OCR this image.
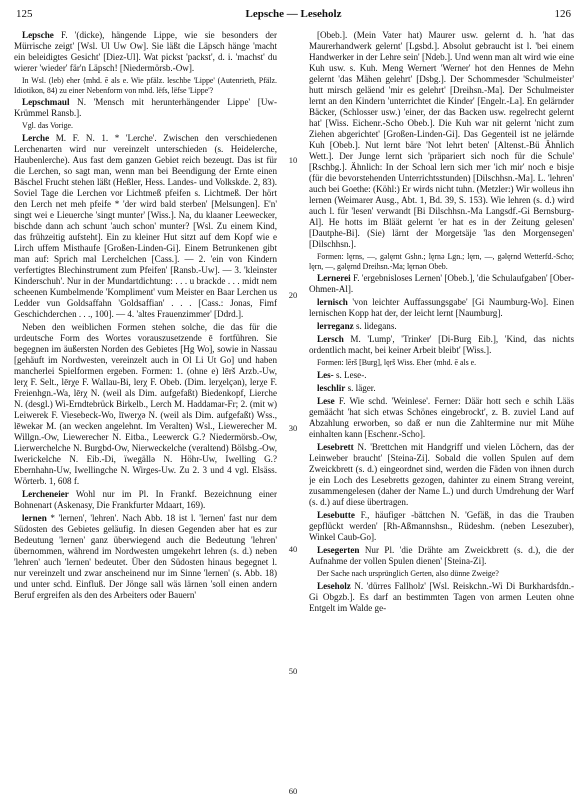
125	Lepsche — Leseholz	126

Lepsche F. '(dicke), hängende Lippe, wie sie besonders der Mürrische zeigt' [Wsl. Ul Uw Ow]. Sie läßt die Läpsch hänge 'macht ein beleidigtes Gesicht' [Diez-Ul]. Wat pickst 'packst', d. i. 'machst' du wierer 'wieder' fär'n Läpsch! [Niedermörsb.-Ow].

In Wsl. (leb) eher ⟨mhd. ē als e. Wie pfälz. leschbe 'Lippe' (Autenrieth, Pfälz. Idiotikon, 84) zu einer Nebenform von mhd. lëfs, lëfse 'Lippe'?

Lepschmaul N. 'Mensch mit herunterhängender Lippe' [Uw-Krümmel Ransb.].

Vgl. das Vorige.

Lerche M. F. N. 1. * 'Lerche'. Zwischen den verschiedenen Lerchenarten wird nur vereinzelt unterschieden (s. Heidelerche, Haubenlerche). Aus fast dem ganzen Gebiet reich bezeugt. Das ist für die Lerchen, so sagt man, wenn man bei Beendigung der Ernte einen Bäschel Frucht stehen läßt (Heßler, Hess. Landes- und Volkskde. 2, 83). Soviel Tage die Lerchen vor Lichtmeß pfeifen s. Lichtmeß. Der hört den Lerch net meh pfeife * 'der wird bald sterben' [Melsungen]. E'n' singt wei e Lieuerche 'singt munter' [Wiss.]. Na, du klaaner Leewecker, bischde dann ach schunt 'auch schon' munter? [Wsl. Zu einem Kind, das frühzeitig aufsteht]. Ein zu kleiner Hut sitzt auf dem Kopf wie e Lirch uffem Misthaufe [Großen-Linden-Gi]. Einem Betrunkenen gibt man auf: Sprich mal Lerchelchen [Cass.]. — 2. 'ein von Kindern verfertigtes Blechinstrument zum Pfeifen' [Ransb.-Uw]. — 3. 'kleinster Kinderschuh'. Nur in der Mundartdichtung: . . . u brackde . . . midt nem scheenen Kumbelmende 'Kompliment' vum Meister en Baar Lerchen us Ledder vun Goldsaffahn 'Goldsaffian' . . . [Cass.: Jonas, Fimf Geschichderchen . . ., 100]. — 4. 'altes Frauenzimmer' [Ddrd.].

Neben den weiblichen Formen stehen solche, die das für die urdeutsche Form des Wortes vorauszusetzende ē fortführen. Sie begegnen im äußersten Norden des Gebietes [Hg Wo], sowie in Nassau [gehäuft im Nordwesten, vereinzelt auch in Ol Li Ut Go] und haben mancherlei Spielformen ergeben. Formen: 1. (ohne e) lērš Arzb.-Uw, lerχ F. Selt., lērχe F. Wallau-Bi, lerχ F. Obeb. (Dim. lerχelçən), lerχe F. Freienhgn.-Wa, lērχ N. (weil als Dim. aufgefaßt) Biedenkopf, Lierche N. (desgl.) Wi-Erndtebrück Birkelb., Lerch M. Haddamar-Fr; 2. (mit w) Leiwerek F. Viesebeck-Wo, līwerχə N. (weil als Dim. aufgefaßt) Wss., lēwekər M. (an wecken angelehnt. Im Veralten) Wsl., Liewerecher M. Willgn.-Ow, Liewerecher N. Eitba., Leewerck G.? Niedermörsb.-Ow, Lierwerchelche N. Burgbd-Ow, Nierweckelche (veraltend) Bölsbg.-Ow, Iwerickelche N. Eib.-Di, ïwegällə N. Höhr-Uw, Iwelling G.? Ebernhahn-Uw, Iwellingche N. Wirges-Uw. Zu 2. 3 und 4 vgl. Elsäss. Wörterb. 1, 608 f.

Lercheneier Wohl nur im Pl. In Frankf. Bezeichnung einer Bohnenart (Askenasy, Die Frankfurter Mdaart, 169).

lernen * 'lernen', 'lehren'. Nach Abb. 18 ist l. 'lernen' fast nur dem Südosten des Gebietes geläufig. In diesen Gegenden aber hat es zur Bedeutung 'lernen' ganz überwiegend auch die Bedeutung 'lehren' übernommen, während im Nordwesten umgekehrt lehren (s. d.) neben 'lehren' auch 'lernen' bedeutet. Über den Südosten hinaus begegnet l. nur vereinzelt und zwar anscheinend nur im Sinne 'lernen' (s. Abb. 18) und unter schd. Einfluß. Der Jönge sall wäs lärnen 'soll einen andern Beruf ergreifen als den des Arbeiters oder Bauern'

[Obeb.]. (Mein Vater hat) Maurer usw. gelernt d. h. 'hat das Maurerhandwerk gelernt' [Lgsbd.]. Absolut gebraucht ist l. 'bei einem Handwerker in der Lehre sein' [Ndeb.]. Und wenn man alt wird wie eine Kuh usw. s. Kuh. Meng Wernert 'Werner' hot den Hennes de Mehn gelernt 'das Mähen gelehrt' [Dsbg.]. Der Schommesder 'Schulmeister' hutt mirsch geläend 'mir es gelehrt' [Dreihsn.-Ma]. Der Schulmeister lernt an den Kindern 'unterrichtet die Kinder' [Engelr.-La]. En gelärnder Bäcker, (Schlosser usw.) 'einer, der das Backen usw. regelrecht gelernt hat' [Wiss. Eichenr.-Scho Obeb.]. Die Kuh war nit gelernt 'nicht zum Ziehen abgerichtet' [Großen-Linden-Gi]. Das Gegenteil ist ne jelärnde Kuh [Obeb.]. Nut lernt bäre 'Not lehrt beten' [Altenst.-Bü Ähnlich Wett.]. Der Junge lernt sich 'präpariert sich noch für die Schule' [Rschbg.]. Ähnlich: In der Schoal lern sich mer 'ich mir' noch e bisje (für die bevorstehenden Unterrichtsstunden) [Dilschhsn.-Ma]. L. 'lehren' auch bei Goethe: (Köhl:) Er wirds nicht tuhn. (Metzler:) Wir wolleus ihn lernen (Weimarer Ausg., Abt. 1, Bd. 39, S. 153). Wie lehren (s. d.) wird auch l. für 'lesen' verwandt [Bi Dilschhsn.-Ma Langsdf.-Gi Bernsburg-Al]. He hotts im Bläät gelernt 'er hat es in der Zeitung gelesen' [Dautphe-Bi]. (Sie) lärnt der Morgetsäje 'las den Morgensegen' [Dilschhsn.].

Formen: lęrns, —, gəlęrnt Gshn.; lęrnə Lgn.; lęrn, —, gəlęrnd Wetterfd.-Scho; lęrn, —, gəlęrnd Dreihsn.-Ma; lęrnən Obeb.

Lernerei F. 'ergebnisloses Lernen' [Obeb.], 'die Schulaufgaben' [Ober-Ohmen-Al].

lernisch 'von leichter Auffassungsgabe' [Gi Naumburg-Wo]. Einen lernischen Kopp hat der, der leicht lernt [Naumburg].

lerreganz s. lidegans.

Lersch M. 'Lump', 'Trinker' [Di-Burg Eib.], 'Kind, das nichts ordentlich macht, bei keiner Arbeit bleibt' [Wiss.].

Formen: lērš [Burg], lęrš Wiss. Eher ⟨mhd. ē als e.

Les- s. Lese-.

leschlir s. läger.

Lese F. Wie schd. 'Weinlese'. Ferner: Däär hott sech e schih Lääs gemäächt 'hat sich etwas Schönes eingebrockt', z. B. zuviel Land auf Abzahlung erworben, so daß er nun die Zahltermine nur mit Mühe einhalten kann [Eschenr.-Scho].

Lesebrett N. 'Brettchen mit Handgriff und vielen Löchern, das der Leinweber braucht' [Steina-Zi]. Sobald die vollen Spulen auf dem Zweickbrett (s. d.) eingeordnet sind, werden die Fäden von ihnen durch je ein Loch des Lesebretts gezogen, dahinter zu einem Strang vereint, zusammengelesen (daher der Name L.) und durch Umdrehung der Warf (s. d.) auf diese übertragen.

Lesebutte F., häufiger -bättchen N. 'Gefäß, in das die Trauben gepflückt werden' [Rh-Aßmannshsn., Rüdeshm. (neben Lesezuber), Winkel Caub-Go].

Lesegerten Nur Pl. 'die Drähte am Zweickbrett (s. d.), die der Aufnahme der vollen Spulen dienen' [Steina-Zi].

Der Sache nach ursprünglich Gerten, also dünne Zweige?

Leseholz N. 'dürres Fallholz' [Wsl. Reiskchn.-Wi Di Burkhardsfdn.-Gi Obgzb.]. Es darf an bestimmten Tagen von armen Leuten ohne Entgelt im Walde ge-

10
20
30
40
50
60
